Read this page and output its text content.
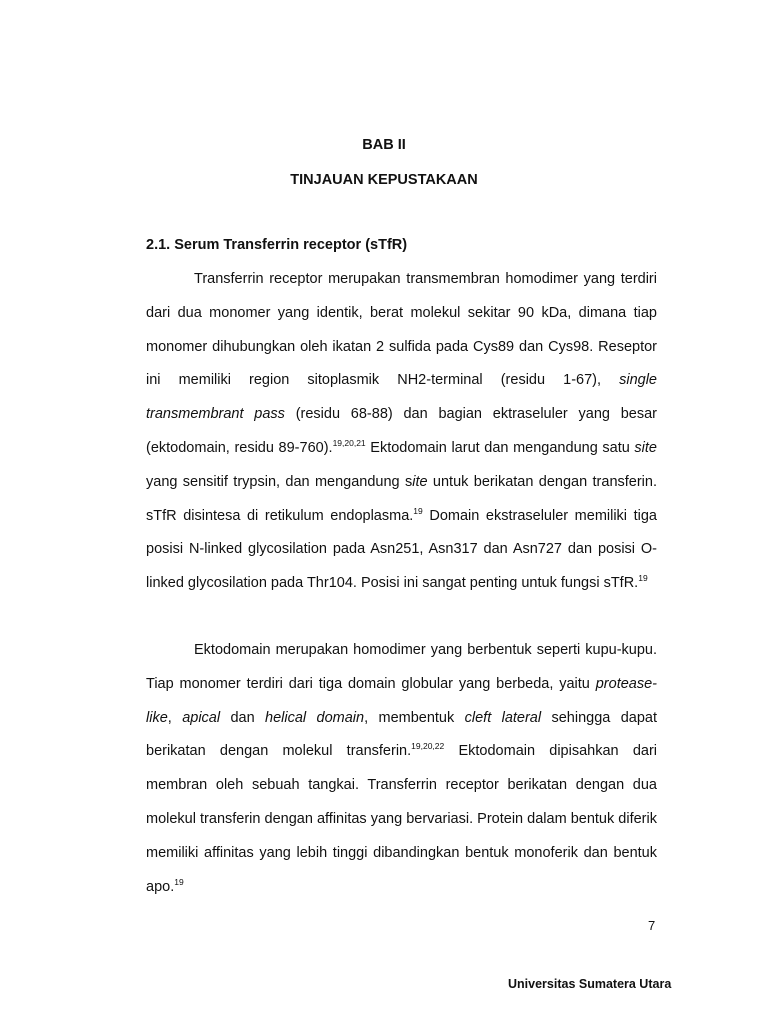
BAB II
TINJAUAN KEPUSTAKAAN
2.1. Serum Transferrin receptor (sTfR)

Transferrin receptor merupakan transmembran homodimer yang terdiri dari dua monomer yang identik, berat molekul sekitar 90 kDa, dimana tiap monomer dihubungkan oleh ikatan 2 sulfida pada Cys89 dan Cys98. Reseptor ini memiliki region sitoplasmik NH2-terminal (residu 1-67), single transmembrant pass (residu 68-88) dan bagian ektraseluler yang besar (ektodomain, residu 89-760).$^{19,20,21}$ Ektodomain larut dan mengandung satu site yang sensitif trypsin, dan mengandung site untuk berikatan dengan transferin. sTfR disintesa di retikulum endoplasma.$^{19}$ Domain ekstraseluler memiliki tiga posisi N-linked glycosilation pada Asn251, Asn317 dan Asn727 dan posisi O-linked glycosilation pada Thr104. Posisi ini sangat penting untuk fungsi sTfR.$^{19}$

Ektodomain merupakan homodimer yang berbentuk seperti kupu-kupu. Tiap monomer terdiri dari tiga domain globular yang berbeda, yaitu protease-like, apical dan helical domain, membentuk cleft lateral sehingga dapat berikatan dengan molekul transferin.$^{19,20,22}$ Ektodomain dipisahkan dari membran oleh sebuah tangkai. Transferrin receptor berikatan dengan dua molekul transferin dengan affinitas yang bervariasi. Protein dalam bentuk diferik memiliki affinitas yang lebih tinggi dibandingkan bentuk monoferik dan bentuk apo.$^{19}$

7
Universitas Sumatera Utara
